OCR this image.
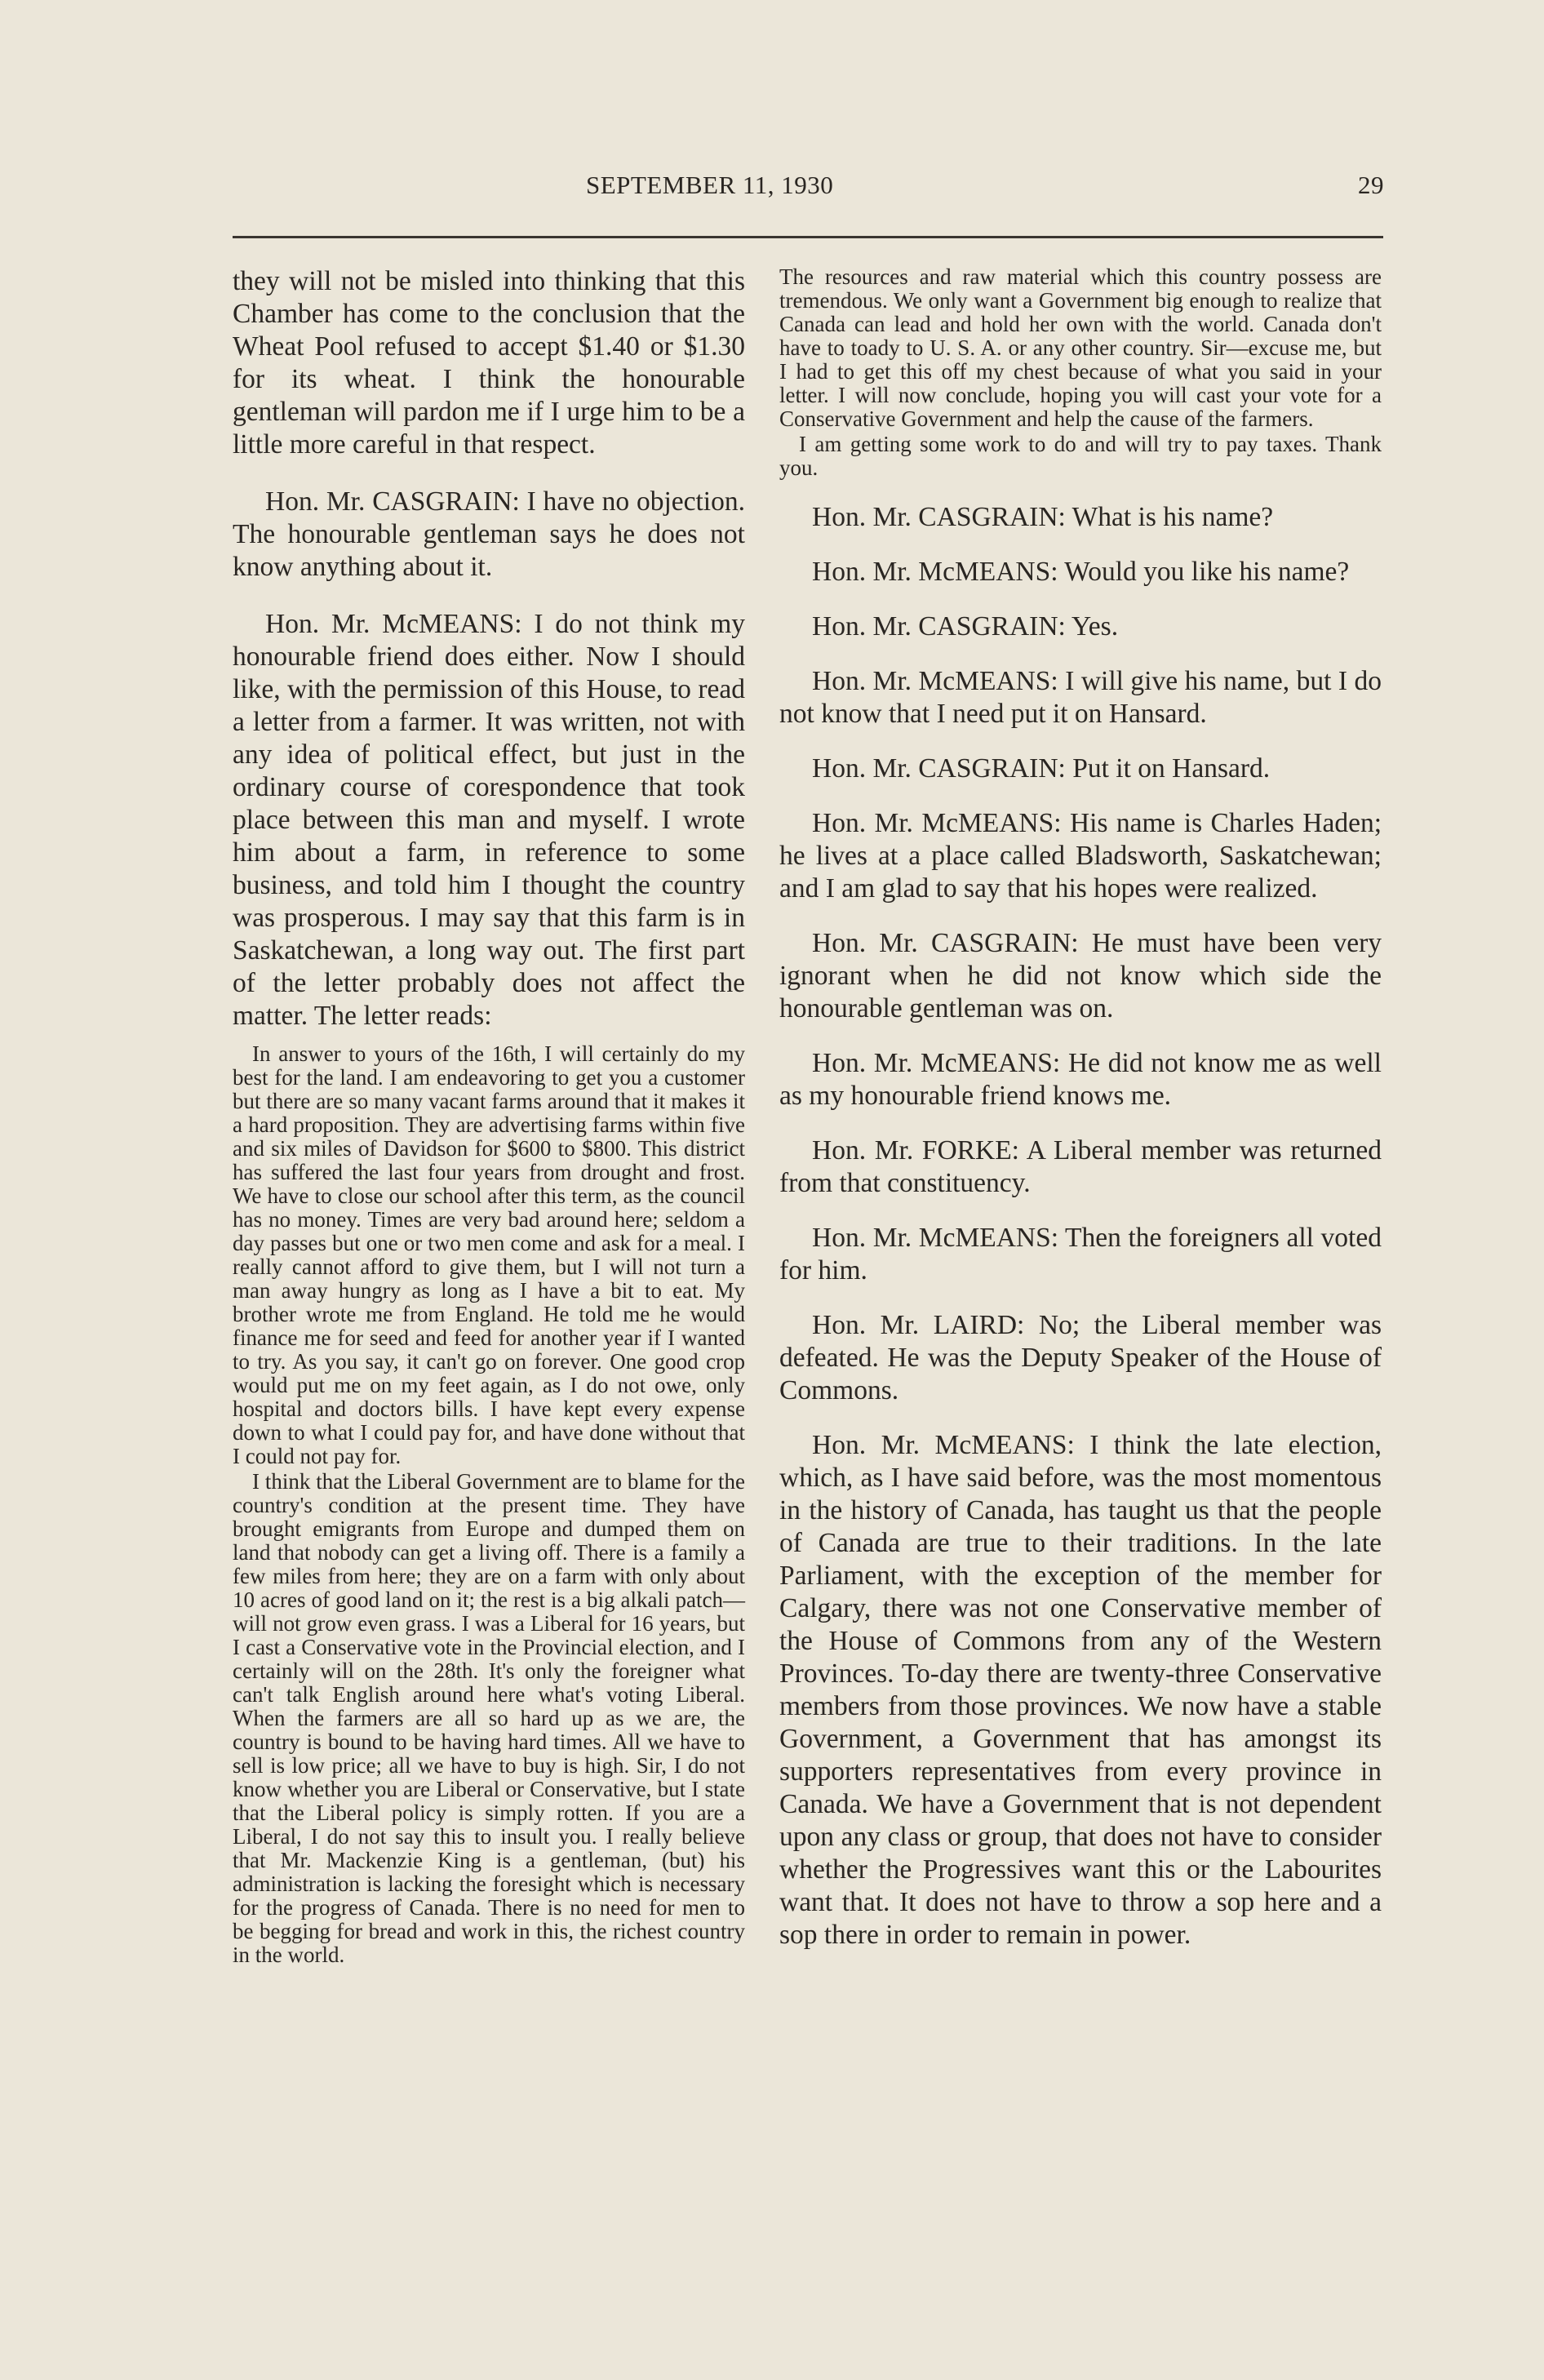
SEPTEMBER 11, 1930	29

they will not be misled into thinking that this Chamber has come to the conclusion that the Wheat Pool refused to accept $1.40 or $1.30 for its wheat. I think the honourable gentleman will pardon me if I urge him to be a little more careful in that respect.

Hon. Mr. CASGRAIN: I have no objection. The honourable gentleman says he does not know anything about it.

Hon. Mr. McMEANS: I do not think my honourable friend does either. Now I should like, with the permission of this House, to read a letter from a farmer. It was written, not with any idea of political effect, but just in the ordinary course of corespondence that took place between this man and myself. I wrote him about a farm, in reference to some business, and told him I thought the country was prosperous. I may say that this farm is in Saskatchewan, a long way out. The first part of the letter probably does not affect the matter. The letter reads:

In answer to yours of the 16th, I will certainly do my best for the land. I am endeavoring to get you a customer but there are so many vacant farms around that it makes it a hard proposition. They are advertising farms within five and six miles of Davidson for $600 to $800. This district has suffered the last four years from drought and frost. We have to close our school after this term, as the council has no money. Times are very bad around here; seldom a day passes but one or two men come and ask for a meal. I really cannot afford to give them, but I will not turn a man away hungry as long as I have a bit to eat. My brother wrote me from England. He told me he would finance me for seed and feed for another year if I wanted to try. As you say, it can't go on forever. One good crop would put me on my feet again, as I do not owe, only hospital and doctors bills. I have kept every expense down to what I could pay for, and have done without that I could not pay for.

I think that the Liberal Government are to blame for the country's condition at the present time. They have brought emigrants from Europe and dumped them on land that nobody can get a living off. There is a family a few miles from here; they are on a farm with only about 10 acres of good land on it; the rest is a big alkali patch—will not grow even grass. I was a Liberal for 16 years, but I cast a Conservative vote in the Provincial election, and I certainly will on the 28th. It's only the foreigner what can't talk English around here what's voting Liberal. When the farmers are all so hard up as we are, the country is bound to be having hard times. All we have to sell is low price; all we have to buy is high. Sir, I do not know whether you are Liberal or Conservative, but I state that the Liberal policy is simply rotten. If you are a Liberal, I do not say this to insult you. I really believe that Mr. Mackenzie King is a gentleman, (but) his administration is lacking the foresight which is necessary for the progress of Canada. There is no need for men to be begging for bread and work in this, the richest country in the world.

The resources and raw material which this country possess are tremendous. We only want a Government big enough to realize that Canada can lead and hold her own with the world. Canada don't have to toady to U. S. A. or any other country. Sir—excuse me, but I had to get this off my chest because of what you said in your letter. I will now conclude, hoping you will cast your vote for a Conservative Government and help the cause of the farmers.

I am getting some work to do and will try to pay taxes. Thank you.

Hon. Mr. CASGRAIN: What is his name?

Hon. Mr. McMEANS: Would you like his name?

Hon. Mr. CASGRAIN: Yes.

Hon. Mr. McMEANS: I will give his name, but I do not know that I need put it on Hansard.

Hon. Mr. CASGRAIN: Put it on Hansard.

Hon. Mr. McMEANS: His name is Charles Haden; he lives at a place called Bladsworth, Saskatchewan; and I am glad to say that his hopes were realized.

Hon. Mr. CASGRAIN: He must have been very ignorant when he did not know which side the honourable gentleman was on.

Hon. Mr. McMEANS: He did not know me as well as my honourable friend knows me.

Hon. Mr. FORKE: A Liberal member was returned from that constituency.

Hon. Mr. McMEANS: Then the foreigners all voted for him.

Hon. Mr. LAIRD: No; the Liberal member was defeated. He was the Deputy Speaker of the House of Commons.

Hon. Mr. McMEANS: I think the late election, which, as I have said before, was the most momentous in the history of Canada, has taught us that the people of Canada are true to their traditions. In the late Parliament, with the exception of the member for Calgary, there was not one Conservative member of the House of Commons from any of the Western Provinces. To-day there are twenty-three Conservative members from those provinces. We now have a stable Government, a Government that has amongst its supporters representatives from every province in Canada. We have a Government that is not dependent upon any class or group, that does not have to consider whether the Progressives want this or the Labourites want that. It does not have to throw a sop here and a sop there in order to remain in power.
